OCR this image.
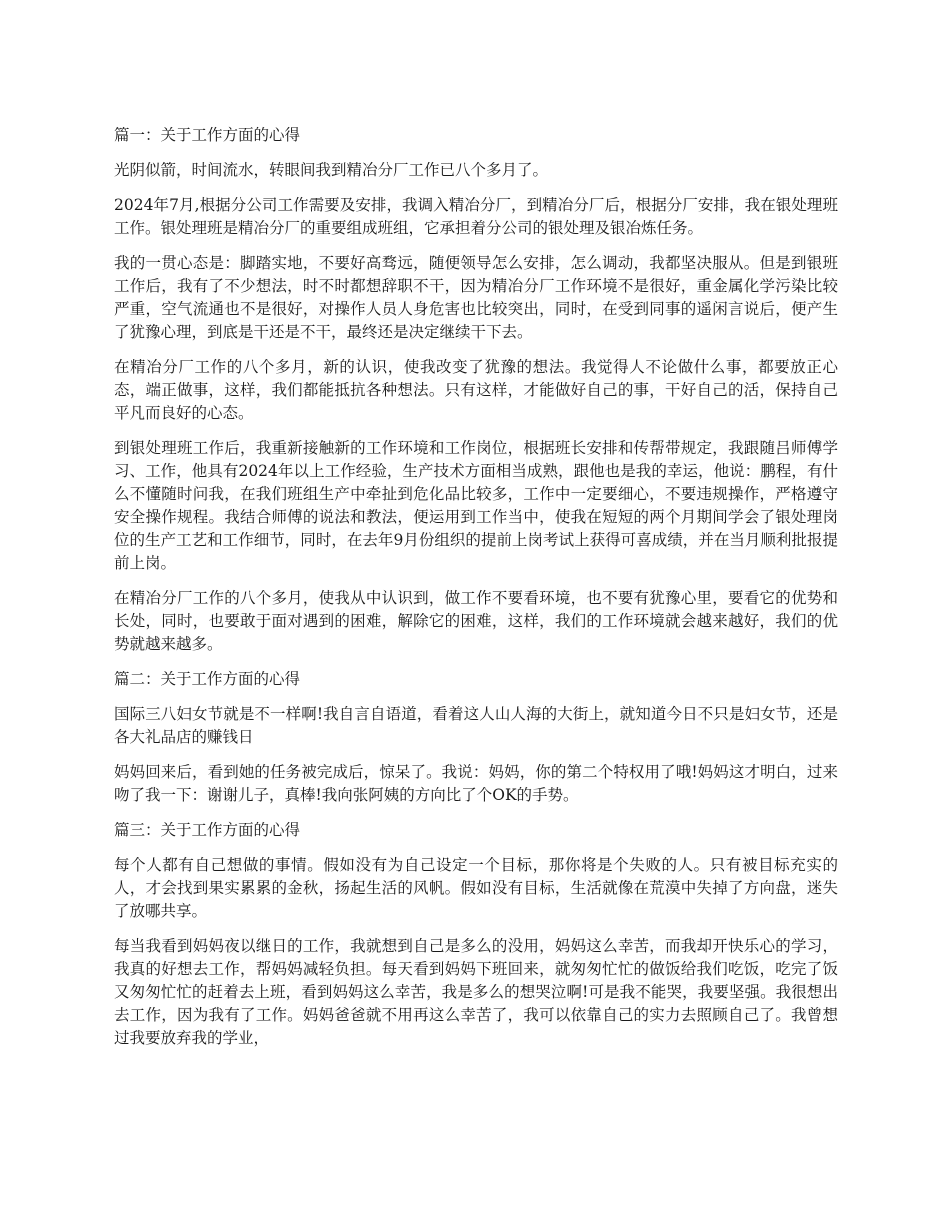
篇一：关于工作方面的心得

光阴似箭，时间流水，转眼间我到精冶分厂工作已八个多月了。

2024年7月,根据分公司工作需要及安排，我调入精冶分厂，到精冶分厂后，根据分厂安排，我在银处理班工作。银处理班是精冶分厂的重要组成班组，它承担着分公司的银处理及银冶炼任务。

我的一贯心态是：脚踏实地，不要好高骛远，随便领导怎么安排，怎么调动，我都坚决服从。但是到银班工作后，我有了不少想法，时不时都想辞职不干，因为精冶分厂工作环境不是很好，重金属化学污染比较严重，空气流通也不是很好，对操作人员人身危害也比较突出，同时，在受到同事的遥闲言说后，便产生了犹豫心理，到底是干还是不干，最终还是决定继续干下去。

在精冶分厂工作的八个多月，新的认识，使我改变了犹豫的想法。我觉得人不论做什么事，都要放正心态，端正做事，这样，我们都能抵抗各种想法。只有这样，才能做好自己的事，干好自己的活，保持自己平凡而良好的心态。

到银处理班工作后，我重新接触新的工作环境和工作岗位，根据班长安排和传帮带规定，我跟随吕师傅学习、工作，他具有2024年以上工作经验，生产技术方面相当成熟，跟他也是我的幸运，他说：鹏程，有什么不懂随时问我，在我们班组生产中牵扯到危化品比较多，工作中一定要细心，不要违规操作，严格遵守安全操作规程。我结合师傅的说法和教法，便运用到工作当中，使我在短短的两个月期间学会了银处理岗位的生产工艺和工作细节，同时，在去年9月份组织的提前上岗考试上获得可喜成绩，并在当月顺利批报提前上岗。

在精冶分厂工作的八个多月，使我从中认识到，做工作不要看环境，也不要有犹豫心里，要看它的优势和长处，同时，也要敢于面对遇到的困难，解除它的困难，这样，我们的工作环境就会越来越好，我们的优势就越来越多。

篇二：关于工作方面的心得

国际三八妇女节就是不一样啊!我自言自语道，看着这人山人海的大街上，就知道今日不只是妇女节，还是各大礼品店的赚钱日

妈妈回来后，看到她的任务被完成后，惊呆了。我说：妈妈，你的第二个特权用了哦!妈妈这才明白，过来吻了我一下：谢谢儿子，真棒!我向张阿姨的方向比了个OK的手势。

篇三：关于工作方面的心得

每个人都有自己想做的事情。假如没有为自己设定一个目标，那你将是个失败的人。只有被目标充实的人，才会找到果实累累的金秋，扬起生活的风帆。假如没有目标，生活就像在荒漠中失掉了方向盘，迷失了放哪共享。

每当我看到妈妈夜以继日的工作，我就想到自己是多么的没用，妈妈这么幸苦，而我却开快乐心的学习，我真的好想去工作，帮妈妈减轻负担。每天看到妈妈下班回来，就匆匆忙忙的做饭给我们吃饭，吃完了饭又匆匆忙忙的赶着去上班，看到妈妈这么幸苦，我是多么的想哭泣啊!可是我不能哭，我要坚强。我很想出去工作，因为我有了工作。妈妈爸爸就不用再这么幸苦了，我可以依靠自己的实力去照顾自己了。我曾想过我要放弃我的学业，
